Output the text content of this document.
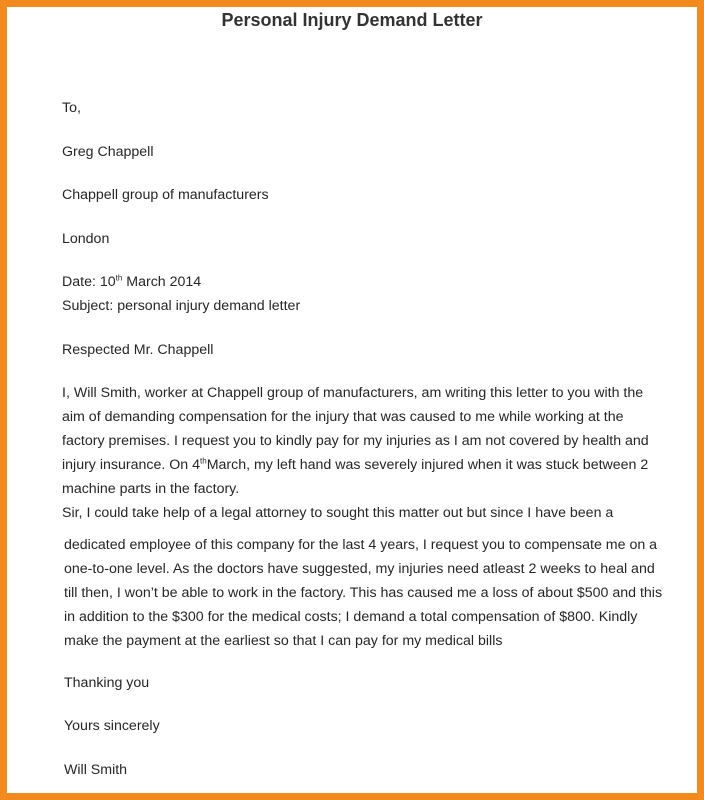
Personal Injury Demand Letter
To,
Greg Chappell
Chappell group of manufacturers
London
Date: 10th March 2014
Subject: personal injury demand letter
Respected Mr. Chappell
I, Will Smith, worker at Chappell group of manufacturers, am writing this letter to you with the
aim of demanding compensation for the injury that was caused to me while working at the
factory premises. I request you to kindly pay for my injuries as I am not covered by health and
injury insurance. On 4thMarch, my left hand was severely injured when it was stuck between 2
machine parts in the factory.
Sir, I could take help of a legal attorney to sought this matter out but since I have been a
dedicated employee of this company for the last 4 years, I request you to compensate me on a
one-to-one level. As the doctors have suggested, my injuries need atleast 2 weeks to heal and
till then, I won’t be able to work in the factory. This has caused me a loss of about $500 and this
in addition to the $300 for the medical costs; I demand a total compensation of $800. Kindly
make the payment at the earliest so that I can pay for my medical bills
Thanking you
Yours sincerely
Will Smith
